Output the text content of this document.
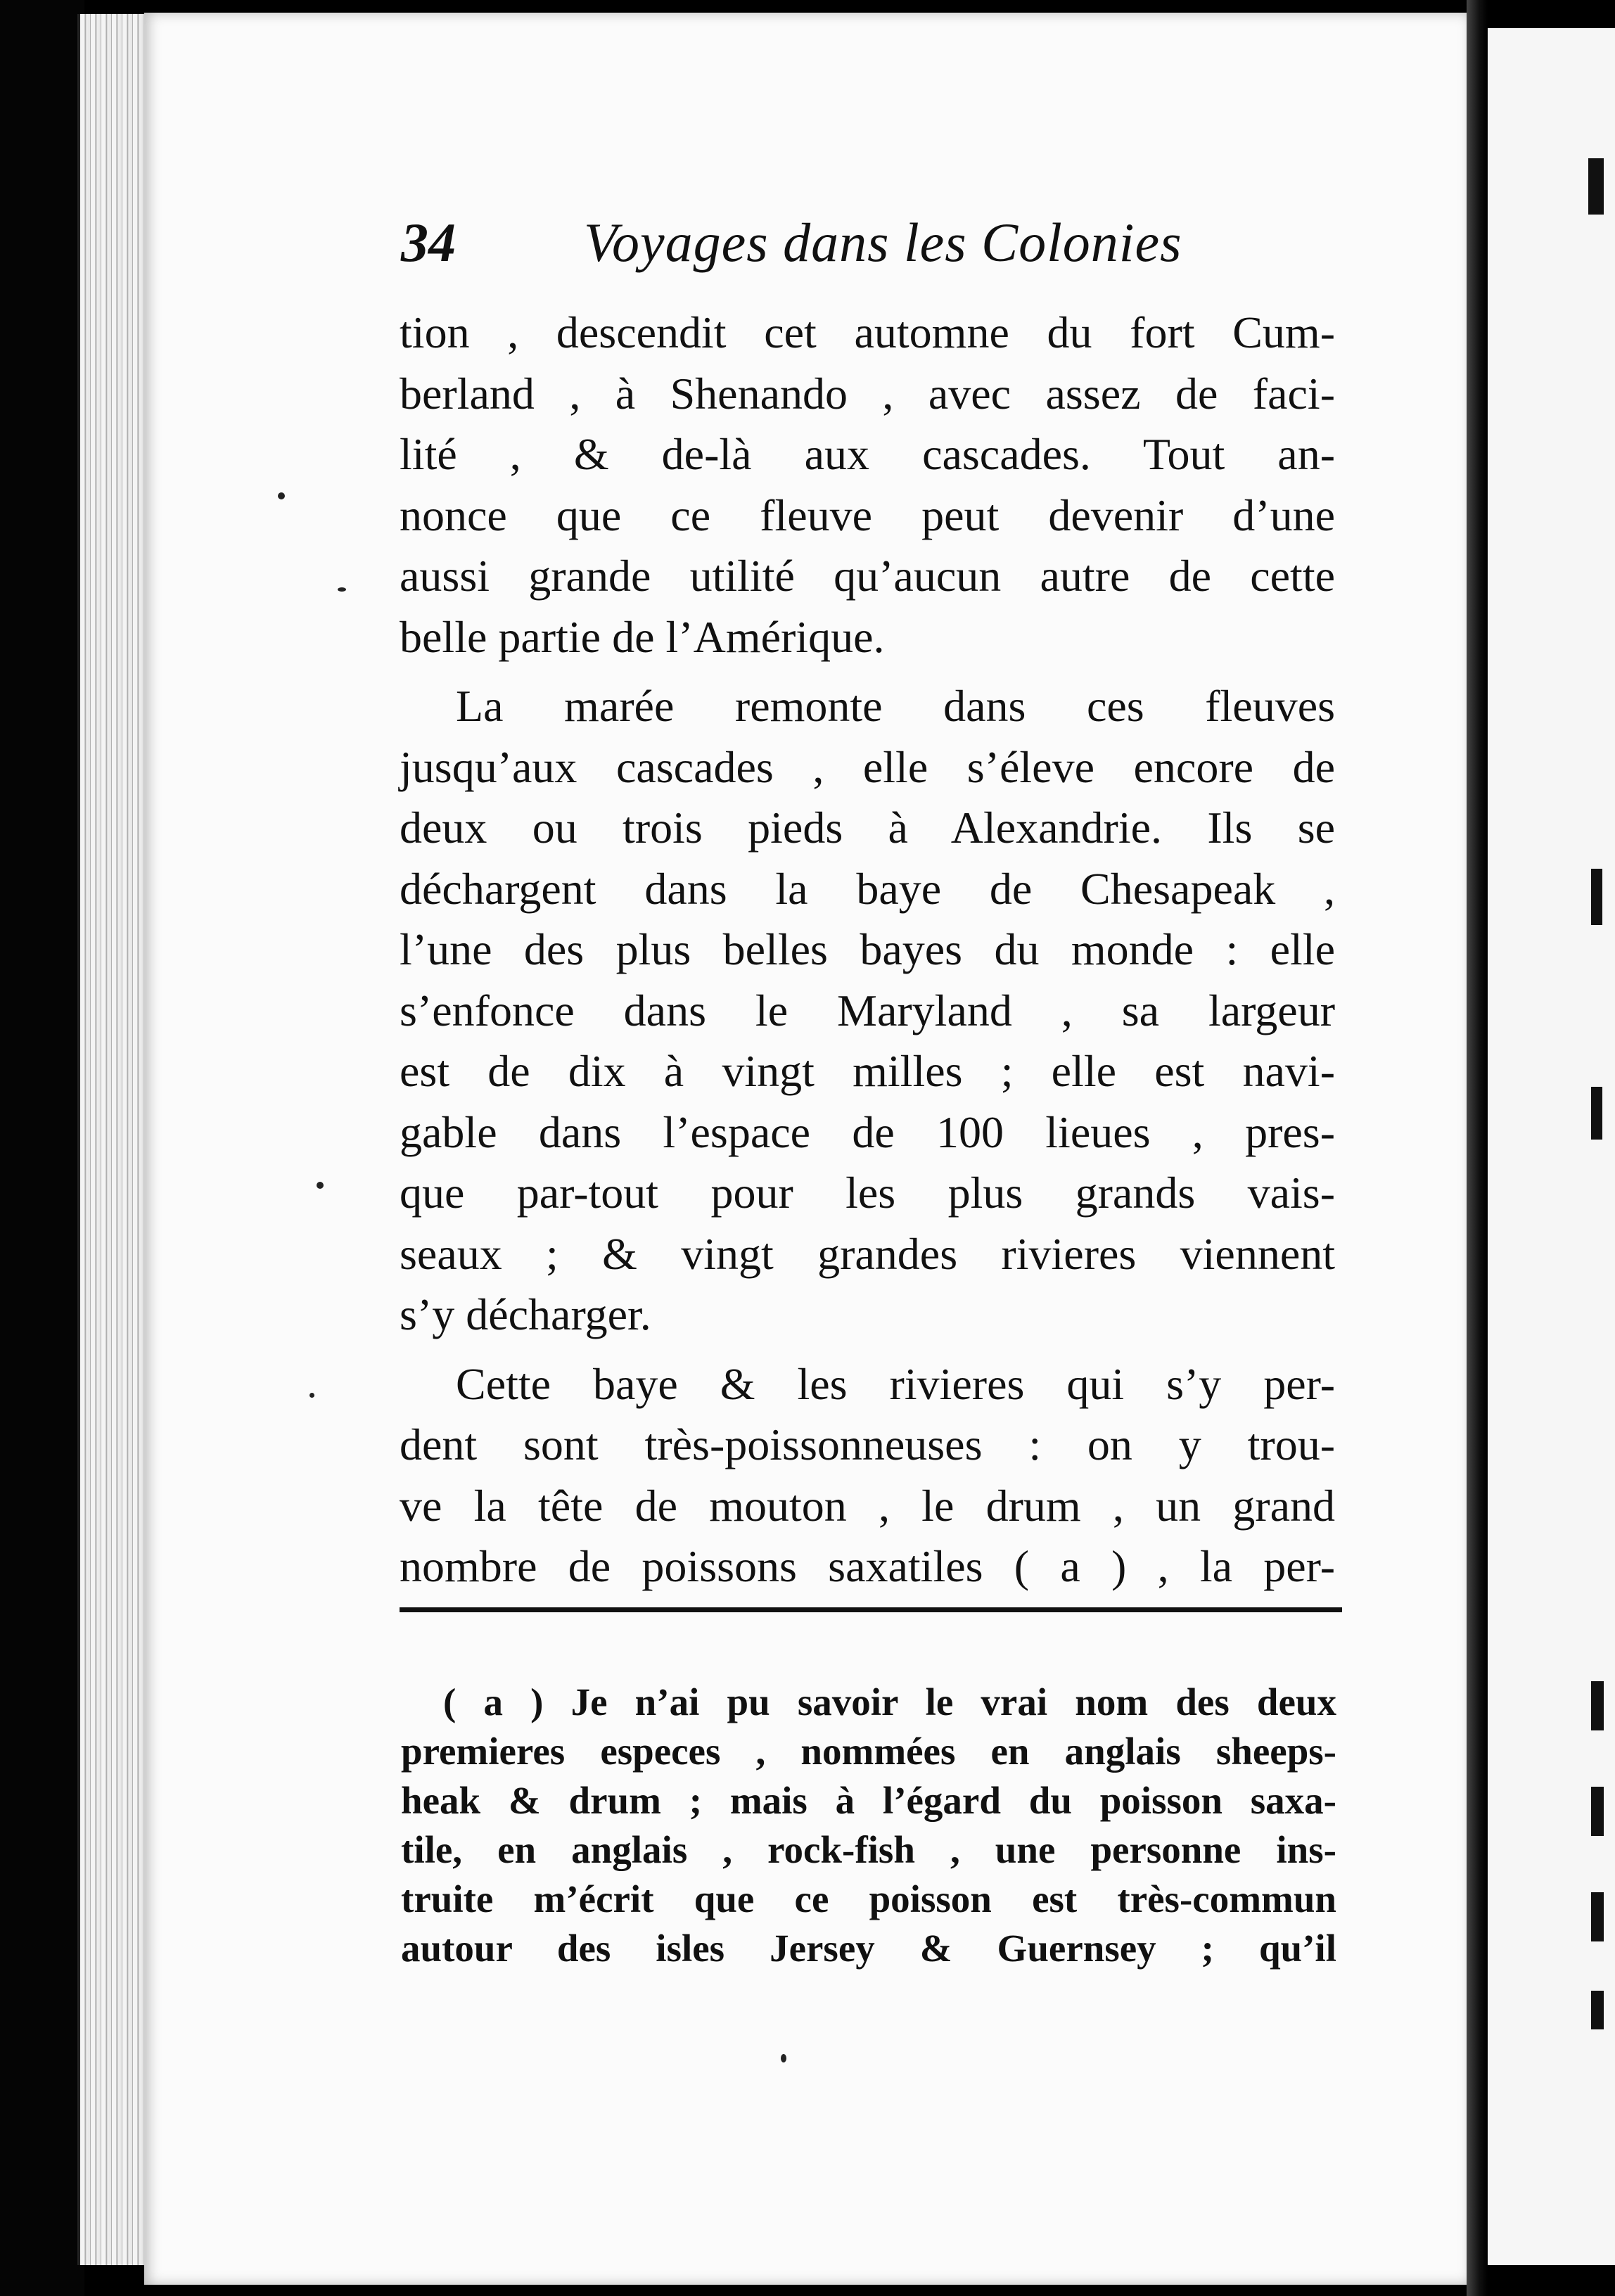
34 Voyages dans les Colonies
tion , descendit cet automne du fort Cum-
berland , à Shenando , avec assez de faci-
lité , & de-là aux cascades. Tout an-
nonce que ce fleuve peut devenir d’une
aussi grande utilité qu’aucun autre de cette
belle partie de l’Amérique.
La marée remonte dans ces fleuves
jusqu’aux cascades , elle s’éleve encore de
deux ou trois pieds à Alexandrie. Ils se
déchargent dans la baye de Chesapeak ,
l’une des plus belles bayes du monde : elle
s’enfonce dans le Maryland , sa largeur
est de dix à vingt milles ; elle est navi-
gable dans l’espace de 100 lieues , pres-
que par-tout pour les plus grands vais-
seaux ; & vingt grandes rivieres viennent
s’y décharger.
Cette baye & les rivieres qui s’y per-
dent sont très-poissonneuses : on y trou-
ve la tête de mouton , le drum , un grand
nombre de poissons saxatiles ( a ) , la per-
( a ) Je n’ai pu savoir le vrai nom des deux
premieres especes , nommées en anglais sheeps-
heak & drum ; mais à l’égard du poisson saxa-
tile, en anglais , rock-fish , une personne ins-
truite m’écrit que ce poisson est très-commun
autour des isles Jersey & Guernsey ; qu’il
